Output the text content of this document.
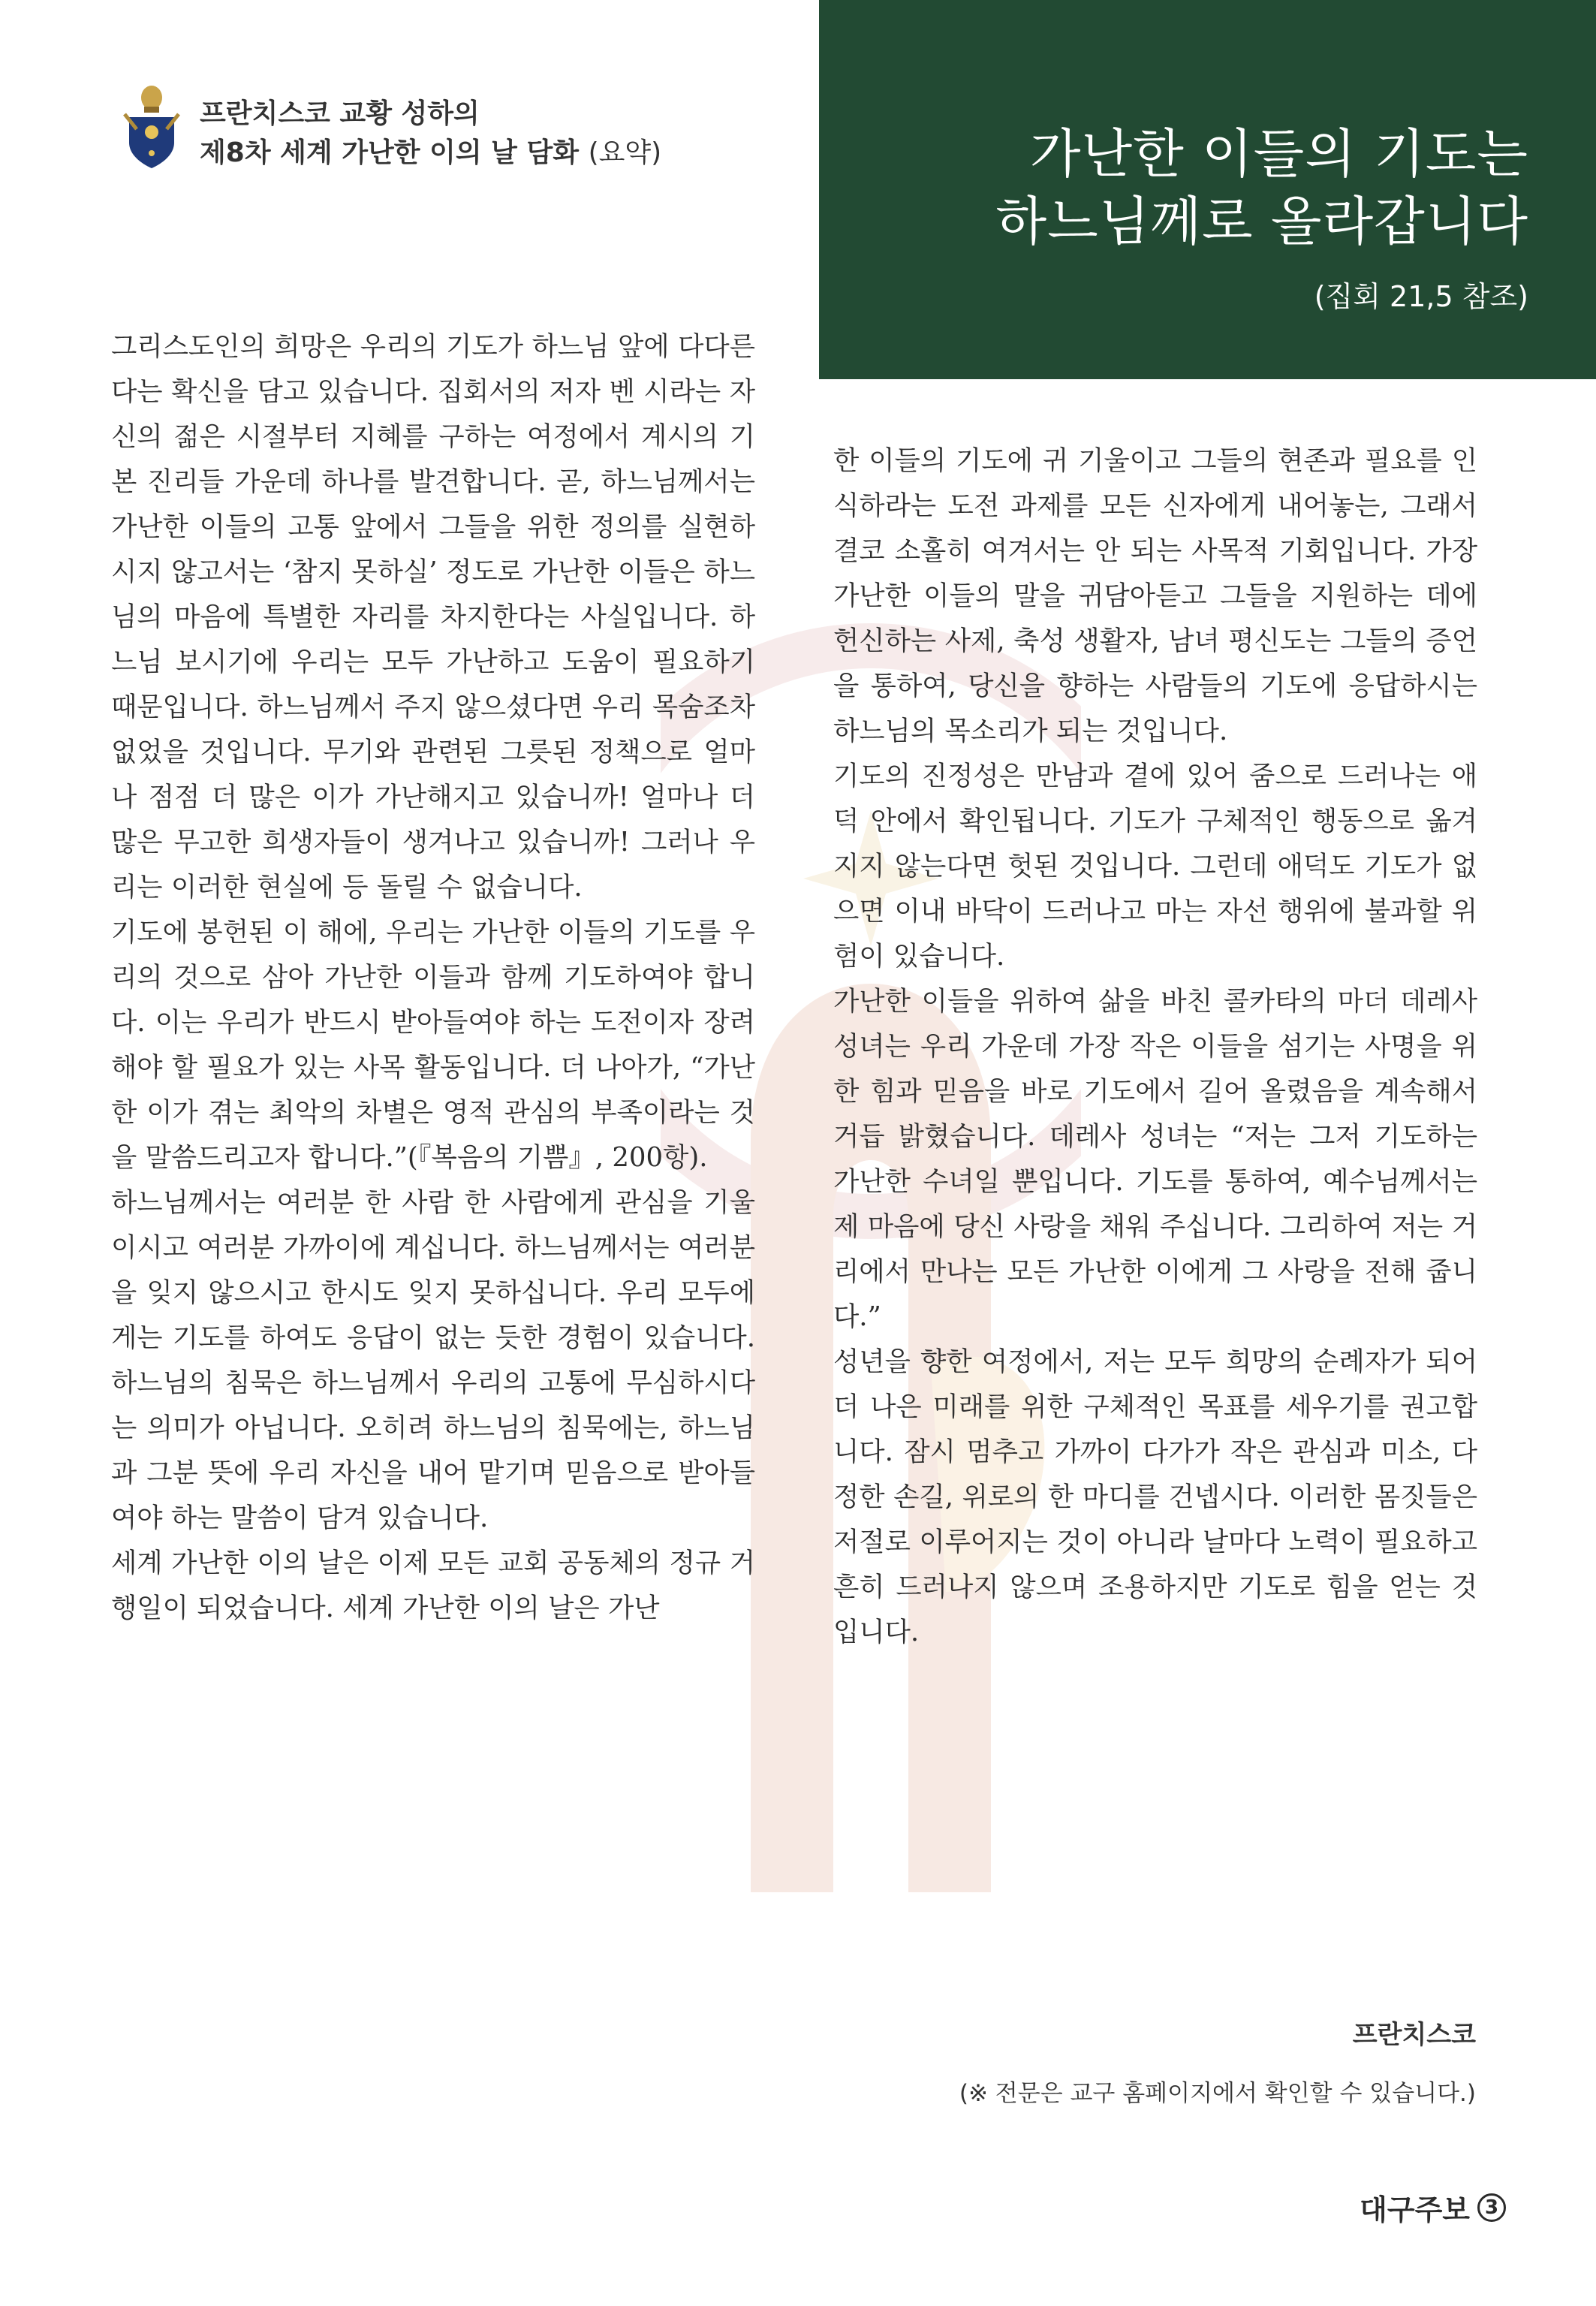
프란치스코 교황 성하의
제8차 세계 가난한 이의 날 담화 (요약)	가난한 이들의 기도는
하느님께로 올라갑니다
(집회 21,5 참조)

그리스도인의 희망은 우리의 기도가 하느님 앞에 다다른다는 확신을 담고 있습니다. 집회서의 저자 벤 시라는 자신의 젊은 시절부터 지혜를 구하는 여정에서 계시의 기본 진리들 가운데 하나를 발견합니다. 곧, 하느님께서는 가난한 이들의 고통 앞에서 그들을 위한 정의를 실현하시지 않고서는 ‘참지 못하실’ 정도로 가난한 이들은 하느님의 마음에 특별한 자리를 차지한다는 사실입니다. 하느님 보시기에 우리는 모두 가난하고 도움이 필요하기 때문입니다. 하느님께서 주지 않으셨다면 우리 목숨조차 없었을 것입니다. 무기와 관련된 그릇된 정책으로 얼마나 점점 더 많은 이가 가난해지고 있습니까! 얼마나 더 많은 무고한 희생자들이 생겨나고 있습니까! 그러나 우리는 이러한 현실에 등 돌릴 수 없습니다.

기도에 봉헌된 이 해에, 우리는 가난한 이들의 기도를 우리의 것으로 삼아 가난한 이들과 함께 기도하여야 합니다. 이는 우리가 반드시 받아들여야 하는 도전이자 장려해야 할 필요가 있는 사목 활동입니다. 더 나아가, “가난한 이가 겪는 최악의 차별은 영적 관심의 부족이라는 것을 말씀드리고자 합니다.”(『복음의 기쁨』, 200항).

하느님께서는 여러분 한 사람 한 사람에게 관심을 기울이시고 여러분 가까이에 계십니다. 하느님께서는 여러분을 잊지 않으시고 한시도 잊지 못하십니다. 우리 모두에게는 기도를 하여도 응답이 없는 듯한 경험이 있습니다. 하느님의 침묵은 하느님께서 우리의 고통에 무심하시다는 의미가 아닙니다. 오히려 하느님의 침묵에는, 하느님과 그분 뜻에 우리 자신을 내어 맡기며 믿음으로 받아들여야 하는 말씀이 담겨 있습니다.

세계 가난한 이의 날은 이제 모든 교회 공동체의 정규 거행일이 되었습니다. 세계 가난한 이의 날은 가난

한 이들의 기도에 귀 기울이고 그들의 현존과 필요를 인식하라는 도전 과제를 모든 신자에게 내어놓는, 그래서 결코 소홀히 여겨서는 안 되는 사목적 기회입니다. 가장 가난한 이들의 말을 귀담아듣고 그들을 지원하는 데에 헌신하는 사제, 축성 생활자, 남녀 평신도는 그들의 증언을 통하여, 당신을 향하는 사람들의 기도에 응답하시는 하느님의 목소리가 되는 것입니다.

기도의 진정성은 만남과 곁에 있어 줌으로 드러나는 애덕 안에서 확인됩니다. 기도가 구체적인 행동으로 옮겨지지 않는다면 헛된 것입니다. 그런데 애덕도 기도가 없으면 이내 바닥이 드러나고 마는 자선 행위에 불과할 위험이 있습니다.

가난한 이들을 위하여 삶을 바친 콜카타의 마더 데레사 성녀는 우리 가운데 가장 작은 이들을 섬기는 사명을 위한 힘과 믿음을 바로 기도에서 길어 올렸음을 계속해서 거듭 밝혔습니다. 데레사 성녀는 “저는 그저 기도하는 가난한 수녀일 뿐입니다. 기도를 통하여, 예수님께서는 제 마음에 당신 사랑을 채워 주십니다. 그리하여 저는 거리에서 만나는 모든 가난한 이에게 그 사랑을 전해 줍니다.”

성년을 향한 여정에서, 저는 모두 희망의 순례자가 되어 더 나은 미래를 위한 구체적인 목표를 세우기를 권고합니다. 잠시 멈추고 가까이 다가가 작은 관심과 미소, 다정한 손길, 위로의 한 마디를 건넵시다. 이러한 몸짓들은 저절로 이루어지는 것이 아니라 날마다 노력이 필요하고 흔히 드러나지 않으며 조용하지만 기도로 힘을 얻는 것입니다.

프란치스코
(※ 전문은 교구 홈페이지에서 확인할 수 있습니다.)
대구주보 3
